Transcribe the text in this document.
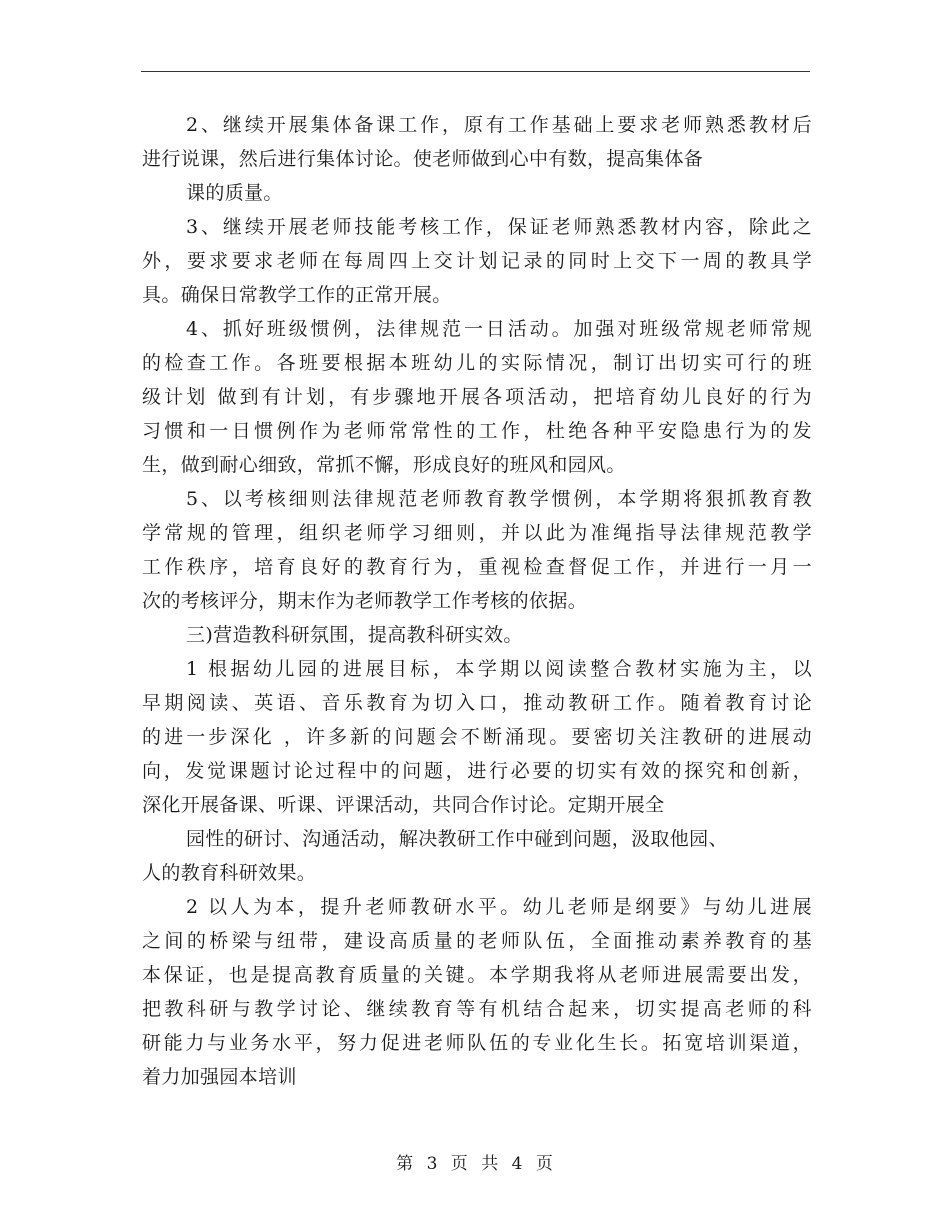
2、继续开展集体备课工作，原有工作基础上要求老师熟悉教材后
进行说课，然后进行集体讨论。使老师做到心中有数，提高集体备
课的质量。
3、继续开展老师技能考核工作，保证老师熟悉教材内容，除此之
外，要求要求老师在每周四上交计划记录的同时上交下一周的教具学
具。确保日常教学工作的正常开展。
4、抓好班级惯例，法律规范一日活动。加强对班级常规老师常规
的检查工作。各班要根据本班幼儿的实际情况，制订出切实可行的班
级计划 做到有计划，有步骤地开展各项活动，把培育幼儿良好的行为
习惯和一日惯例作为老师常常性的工作，杜绝各种平安隐患行为的发
生，做到耐心细致，常抓不懈，形成良好的班风和园风。
5、以考核细则法律规范老师教育教学惯例，本学期将狠抓教育教
学常规的管理，组织老师学习细则，并以此为准绳指导法律规范教学
工作秩序，培育良好的教育行为，重视检查督促工作，并进行一月一
次的考核评分，期末作为老师教学工作考核的依据。
三)营造教科研氛围，提高教科研实效。
1 根据幼儿园的进展目标，本学期以阅读整合教材实施为主，以
早期阅读、英语、音乐教育为切入口，推动教研工作。随着教育讨论
的进一步深化 ，许多新的问题会不断涌现。要密切关注教研的进展动
向，发觉课题讨论过程中的问题，进行必要的切实有效的探究和创新，
深化开展备课、听课、评课活动，共同合作讨论。定期开展全
园性的研讨、沟通活动，解决教研工作中碰到问题，汲取他园、
人的教育科研效果。
2 以人为本，提升老师教研水平。幼儿老师是纲要》与幼儿进展
之间的桥梁与纽带，建设高质量的老师队伍，全面推动素养教育的基
本保证，也是提高教育质量的关键。本学期我将从老师进展需要出发，
把教科研与教学讨论、继续教育等有机结合起来，切实提高老师的科
研能力与业务水平，努力促进老师队伍的专业化生长。拓宽培训渠道，
着力加强园本培训
第 3 页 共 4 页
